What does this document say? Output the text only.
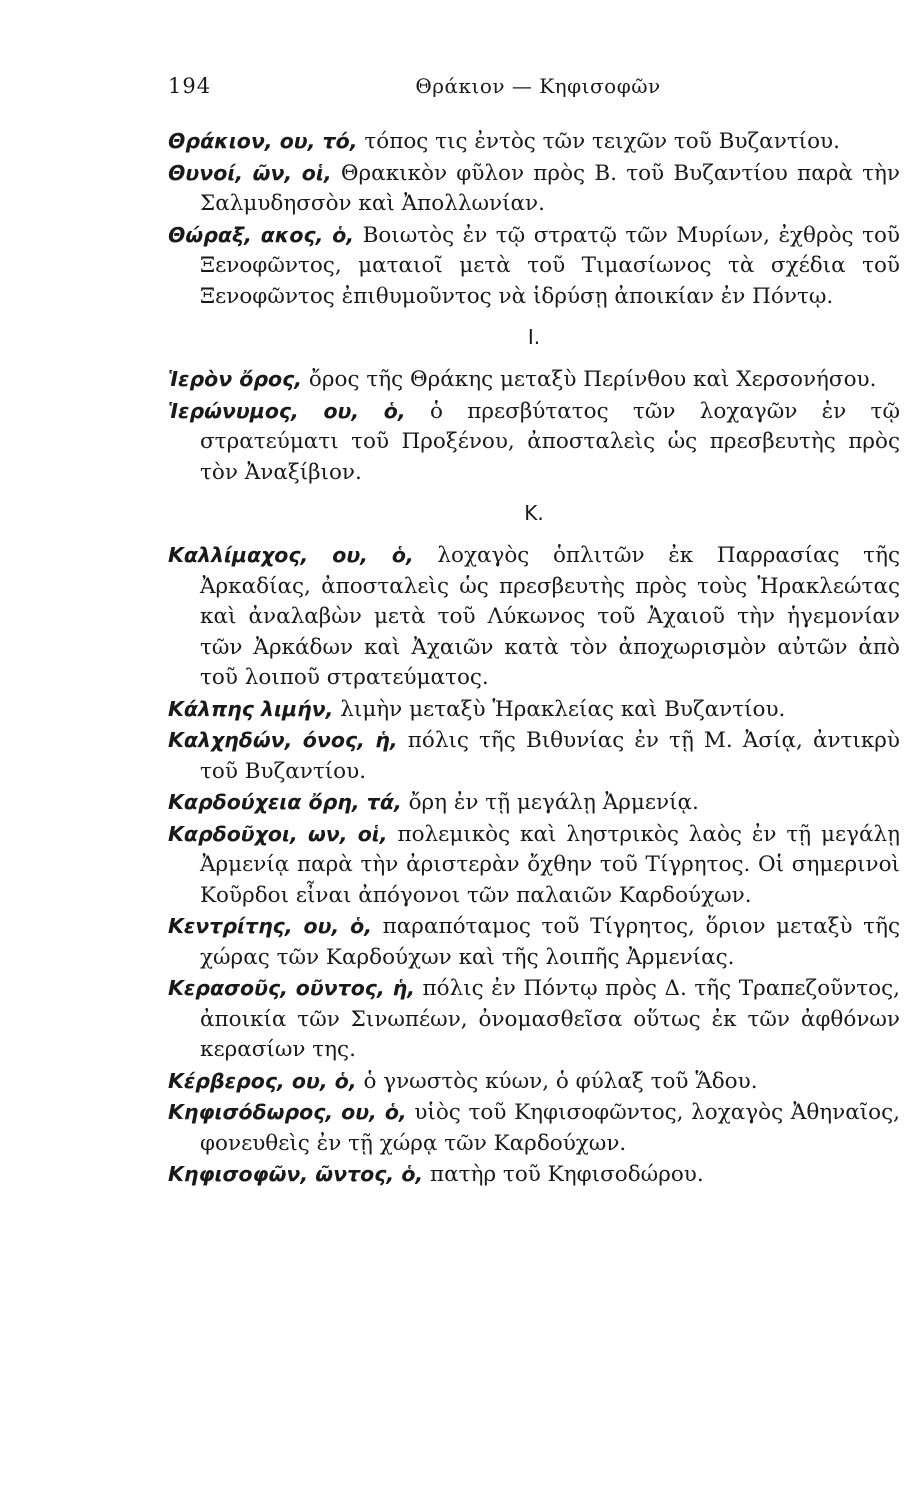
194	Θράκιον — Κηφισοφῶν

Θράκιον, ου, τό, τόπος τις ἐντὸς τῶν τειχῶν τοῦ Βυζαντίου.

Θυνοί, ῶν, οἱ, Θρακικὸν φῦλον πρὸς Β. τοῦ Βυζαντίου παρὰ τὴν Σαλμυδησσὸν καὶ Ἀπολλωνίαν.

Θώραξ, ακος, ὁ, Βοιωτὸς ἐν τῷ στρατῷ τῶν Μυρίων, ἐχθρὸς τοῦ Ξενοφῶντος, ματαιοῖ μετὰ τοῦ Τιμασίωνος τὰ σχέδια τοῦ Ξενοφῶντος ἐπιθυμοῦντος νὰ ἱδρύσῃ ἀποικίαν ἐν Πόντῳ.

I.

Ἱερὸν ὄρος, ὄρος τῆς Θράκης μεταξὺ Περίνθου καὶ Χερσονήσου.

Ἱερώνυμος, ου, ὁ, ὁ πρεσβύτατος τῶν λοχαγῶν ἐν τῷ στρατεύματι τοῦ Προξένου, ἀποσταλεὶς ὡς πρεσβευτὴς πρὸς τὸν Ἀναξίβιον.

K.

Καλλίμαχος, ου, ὁ, λοχαγὸς ὁπλιτῶν ἐκ Παρρασίας τῆς Ἀρκαδίας, ἀποσταλεὶς ὡς πρεσβευτὴς πρὸς τοὺς Ἡρακλεώτας καὶ ἀναλαβὼν μετὰ τοῦ Λύκωνος τοῦ Ἀχαιοῦ τὴν ἡγεμονίαν τῶν Ἀρκάδων καὶ Ἀχαιῶν κατὰ τὸν ἀποχωρισμὸν αὐτῶν ἀπὸ τοῦ λοιποῦ στρατεύματος.

Κάλπης λιμήν, λιμὴν μεταξὺ Ἡρακλείας καὶ Βυζαντίου.

Καλχηδών, όνος, ἡ, πόλις τῆς Βιθυνίας ἐν τῇ Μ. Ἀσίᾳ, ἀντικρὺ τοῦ Βυζαντίου.

Καρδούχεια ὄρη, τά, ὄρη ἐν τῇ μεγάλῃ Ἀρμενίᾳ.

Καρδοῦχοι, ων, οἱ, πολεμικὸς καὶ ληστρικὸς λαὸς ἐν τῇ μεγάλῃ Ἀρμενίᾳ παρὰ τὴν ἀριστερὰν ὄχθην τοῦ Τίγρητος. Οἱ σημερινοὶ Κοῦρδοι εἶναι ἀπόγονοι τῶν παλαιῶν Καρδούχων.

Κεντρίτης, ου, ὁ, παραπόταμος τοῦ Τίγρητος, ὅριον μεταξὺ τῆς χώρας τῶν Καρδούχων καὶ τῆς λοιπῆς Ἀρμενίας.

Κερασοῦς, οῦντος, ἡ, πόλις ἐν Πόντῳ πρὸς Δ. τῆς Τραπεζοῦντος, ἀποικία τῶν Σινωπέων, ὀνομασθεῖσα οὕτως ἐκ τῶν ἀφθόνων κερασίων της.

Κέρβερος, ου, ὁ, ὁ γνωστὸς κύων, ὁ φύλαξ τοῦ Ἅδου.

Κηφισόδωρος, ου, ὁ, υἱὸς τοῦ Κηφισοφῶντος, λοχαγὸς Ἀθηναῖος, φονευθεὶς ἐν τῇ χώρᾳ τῶν Καρδούχων.

Κηφισοφῶν, ῶντος, ὁ, πατὴρ τοῦ Κηφισοδώρου.
